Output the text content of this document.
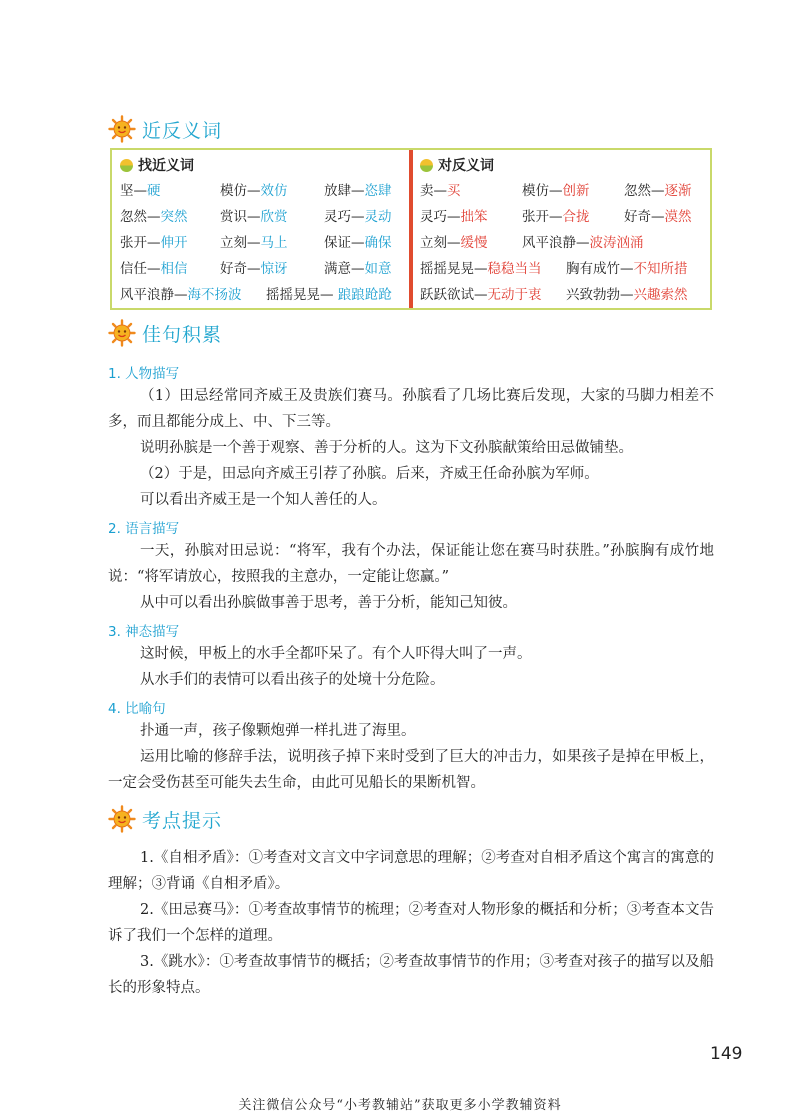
近反义词
找近义词
坚—硬	模仿—效仿	放肆—恣肆
忽然—突然	赏识—欣赏	灵巧—灵动
张开—伸开	立刻—马上	保证—确保
信任—相信	好奇—惊讶	满意—如意
风平浪静—海不扬波	摇摇晃晃— 踉踉跄跄
对反义词
卖—买	模仿—创新	忽然—逐渐
灵巧—拙笨	张开—合拢	好奇—漠然
立刻—缓慢	风平浪静—波涛汹涌
摇摇晃晃—稳稳当当	胸有成竹—不知所措
跃跃欲试—无动于衷	兴致勃勃—兴趣索然
佳句积累
1. 人物描写
（1）田忌经常同齐威王及贵族们赛马。孙膑看了几场比赛后发现，大家的马脚力相差不多，而且都能分成上、中、下三等。
说明孙膑是一个善于观察、善于分析的人。这为下文孙膑献策给田忌做铺垫。
（2）于是，田忌向齐威王引荐了孙膑。后来，齐威王任命孙膑为军师。
可以看出齐威王是一个知人善任的人。
2. 语言描写
一天，孙膑对田忌说：“将军，我有个办法，保证能让您在赛马时获胜。”孙膑胸有成竹地说：“将军请放心，按照我的主意办，一定能让您赢。”
从中可以看出孙膑做事善于思考，善于分析，能知己知彼。
3. 神态描写
这时候，甲板上的水手全都吓呆了。有个人吓得大叫了一声。
从水手们的表情可以看出孩子的处境十分危险。
4. 比喻句
扑通一声，孩子像颗炮弹一样扎进了海里。
运用比喻的修辞手法，说明孩子掉下来时受到了巨大的冲击力，如果孩子是掉在甲板上，一定会受伤甚至可能失去生命，由此可见船长的果断机智。
考点提示
1.《自相矛盾》：①考查对文言文中字词意思的理解；②考查对自相矛盾这个寓言的寓意的理解；③背诵《自相矛盾》。
2.《田忌赛马》：①考查故事情节的梳理；②考查对人物形象的概括和分析；③考查本文告诉了我们一个怎样的道理。
3.《跳水》：①考查故事情节的概括；②考查故事情节的作用；③考查对孩子的描写以及船长的形象特点。
149
关注微信公众号“小考教辅站”获取更多小学教辅资料
